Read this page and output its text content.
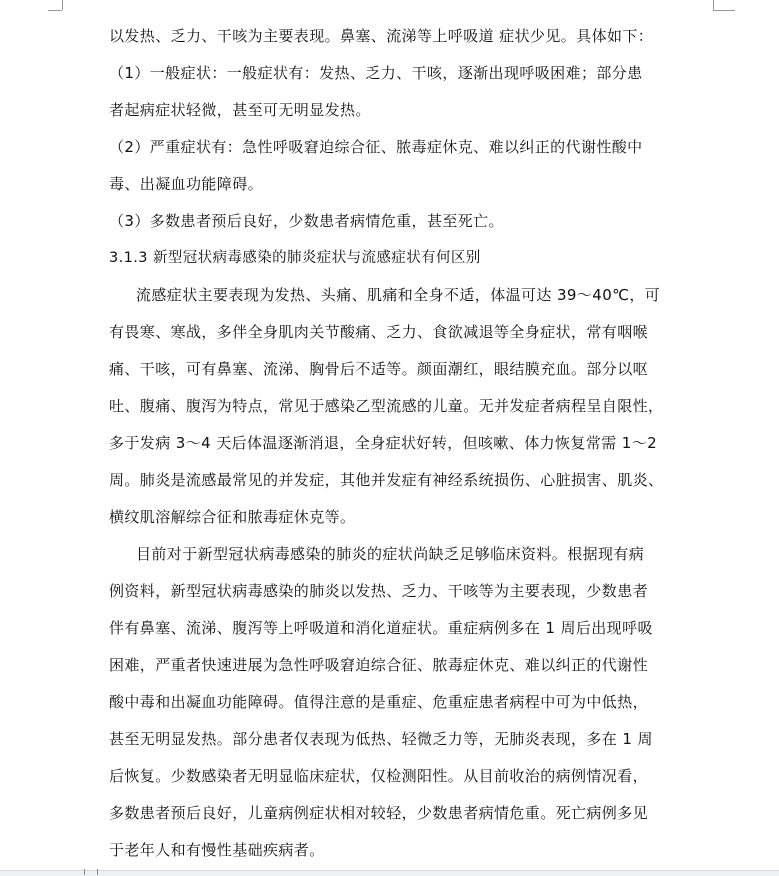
以发热、乏力、干咳为主要表现。鼻塞、流涕等上呼吸道 症状少见。具体如下：
（1）一般症状：一般症状有：发热、乏力、干咳，逐渐出现呼吸困难；部分患
者起病症状轻微，甚至可无明显发热。
（2）严重症状有：急性呼吸窘迫综合征、脓毒症休克、难以纠正的代谢性酸中
毒、出凝血功能障碍。
（3）多数患者预后良好，少数患者病情危重，甚至死亡。
3.1.3 新型冠状病毒感染的肺炎症状与流感症状有何区别
流感症状主要表现为发热、头痛、肌痛和全身不适，体温可达 39～40℃，可
有畏寒、寒战，多伴全身肌肉关节酸痛、乏力、食欲减退等全身症状，常有咽喉
痛、干咳，可有鼻塞、流涕、胸骨后不适等。颜面潮红，眼结膜充血。部分以呕
吐、腹痛、腹泻为特点，常见于感染乙型流感的儿童。无并发症者病程呈自限性，
多于发病 3～4 天后体温逐渐消退，全身症状好转，但咳嗽、体力恢复常需 1～2
周。肺炎是流感最常见的并发症，其他并发症有神经系统损伤、心脏损害、肌炎、
横纹肌溶解综合征和脓毒症休克等。
目前对于新型冠状病毒感染的肺炎的症状尚缺乏足够临床资料。根据现有病
例资料，新型冠状病毒感染的肺炎以发热、乏力、干咳等为主要表现，少数患者
伴有鼻塞、流涕、腹泻等上呼吸道和消化道症状。重症病例多在 1 周后出现呼吸
困难，严重者快速进展为急性呼吸窘迫综合征、脓毒症休克、难以纠正的代谢性
酸中毒和出凝血功能障碍。值得注意的是重症、危重症患者病程中可为中低热，
甚至无明显发热。部分患者仅表现为低热、轻微乏力等，无肺炎表现，多在 1 周
后恢复。少数感染者无明显临床症状，仅检测阳性。从目前收治的病例情况看，
多数患者预后良好，儿童病例症状相对较轻，少数患者病情危重。死亡病例多见
于老年人和有慢性基础疾病者。
